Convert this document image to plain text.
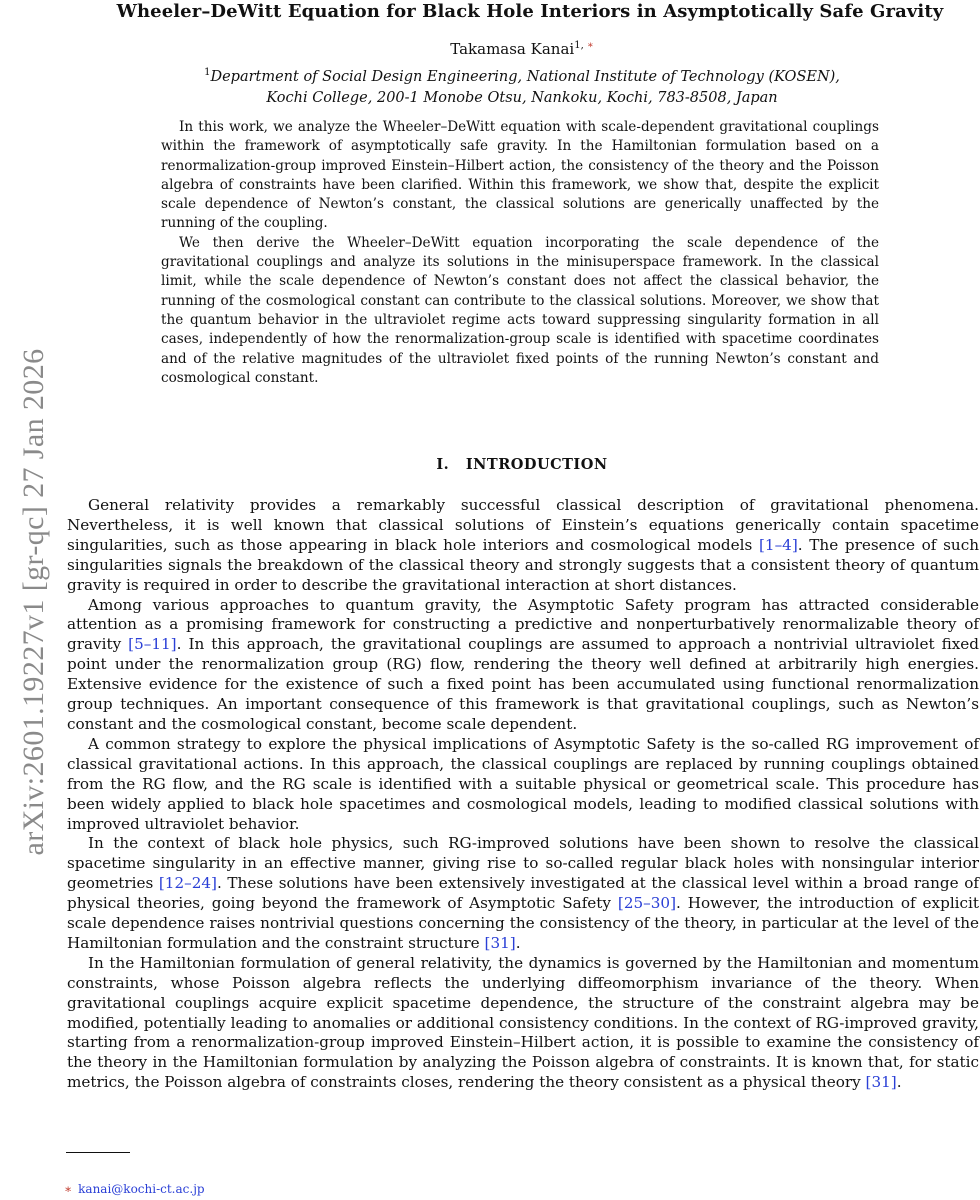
arXiv:2601.19227v1 [gr-qc] 27 Jan 2026
Wheeler–DeWitt Equation for Black Hole Interiors in Asymptotically Safe Gravity
Takamasa Kanai$^{1, ∗}$
$^1$Department of Social Design Engineering, National Institute of Technology (KOSEN),
Kochi College, 200-1 Monobe Otsu, Nankoku, Kochi, 783-8508, Japan

In this work, we analyze the Wheeler–DeWitt equation with scale-dependent gravitational couplings within the framework of asymptotically safe gravity. In the Hamiltonian formulation based on a renormalization-group improved Einstein–Hilbert action, the consistency of the theory and the Poisson algebra of constraints have been clarified. Within this framework, we show that, despite the explicit scale dependence of Newton’s constant, the classical solutions are generically unaffected by the running of the coupling.

We then derive the Wheeler–DeWitt equation incorporating the scale dependence of the gravitational couplings and analyze its solutions in the minisuperspace framework. In the classical limit, while the scale dependence of Newton’s constant does not affect the classical behavior, the running of the cosmological constant can contribute to the classical solutions. Moreover, we show that the quantum behavior in the ultraviolet regime acts toward suppressing singularity formation in all cases, independently of how the renormalization-group scale is identified with spacetime coordinates and of the relative magnitudes of the ultraviolet fixed points of the running Newton’s constant and cosmological constant.

I. INTRODUCTION

General relativity provides a remarkably successful classical description of gravitational phenomena. Nevertheless, it is well known that classical solutions of Einstein’s equations generically contain spacetime singularities, such as those appearing in black hole interiors and cosmological models [1–4]. The presence of such singularities signals the breakdown of the classical theory and strongly suggests that a consistent theory of quantum gravity is required in order to describe the gravitational interaction at short distances.

Among various approaches to quantum gravity, the Asymptotic Safety program has attracted considerable attention as a promising framework for constructing a predictive and nonperturbatively renormalizable theory of gravity [5–11]. In this approach, the gravitational couplings are assumed to approach a nontrivial ultraviolet fixed point under the renormalization group (RG) flow, rendering the theory well defined at arbitrarily high energies. Extensive evidence for the existence of such a fixed point has been accumulated using functional renormalization group techniques. An important consequence of this framework is that gravitational couplings, such as Newton’s constant and the cosmological constant, become scale dependent.

A common strategy to explore the physical implications of Asymptotic Safety is the so-called RG improvement of classical gravitational actions. In this approach, the classical couplings are replaced by running couplings obtained from the RG flow, and the RG scale is identified with a suitable physical or geometrical scale. This procedure has been widely applied to black hole spacetimes and cosmological models, leading to modified classical solutions with improved ultraviolet behavior.

In the context of black hole physics, such RG-improved solutions have been shown to resolve the classical spacetime singularity in an effective manner, giving rise to so-called regular black holes with nonsingular interior geometries [12–24]. These solutions have been extensively investigated at the classical level within a broad range of physical theories, going beyond the framework of Asymptotic Safety [25–30]. However, the introduction of explicit scale dependence raises nontrivial questions concerning the consistency of the theory, in particular at the level of the Hamiltonian formulation and the constraint structure [31].

In the Hamiltonian formulation of general relativity, the dynamics is governed by the Hamiltonian and momentum constraints, whose Poisson algebra reflects the underlying diffeomorphism invariance of the theory. When gravitational couplings acquire explicit spacetime dependence, the structure of the constraint algebra may be modified, potentially leading to anomalies or additional consistency conditions. In the context of RG-improved gravity, starting from a renormalization-group improved Einstein–Hilbert action, it is possible to examine the consistency of the theory in the Hamiltonian formulation by analyzing the Poisson algebra of constraints. It is known that, for static metrics, the Poisson algebra of constraints closes, rendering the theory consistent as a physical theory [31].

∗ kanai@kochi-ct.ac.jp
